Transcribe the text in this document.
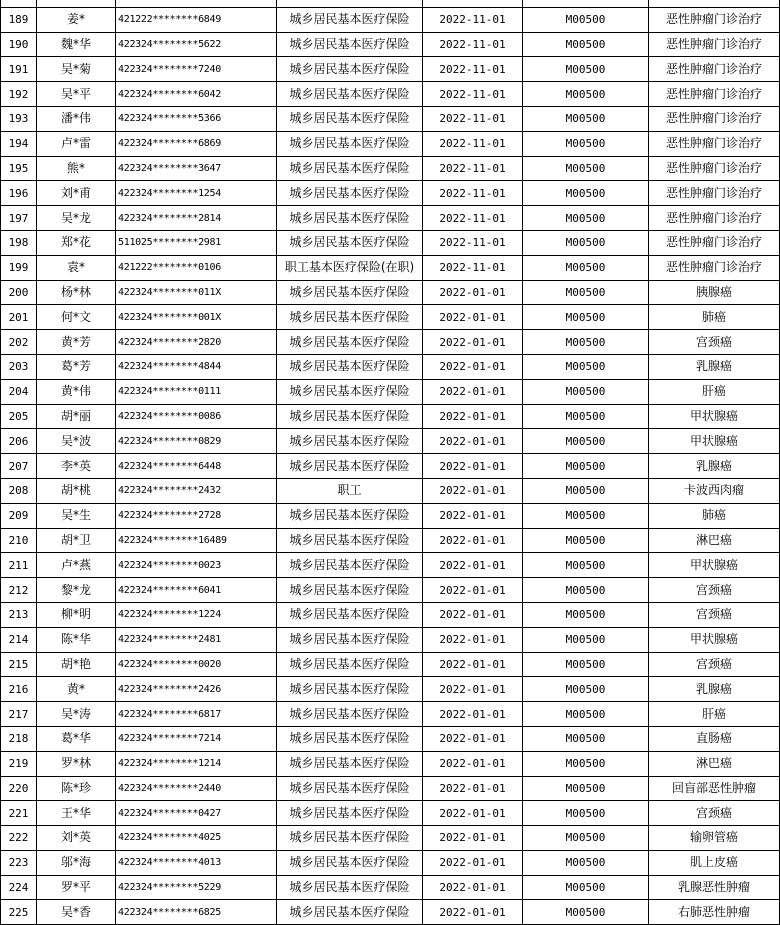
189	姜*	421222********6849	城乡居民基本医疗保险	2022-11-01	M00500	恶性肿瘤门诊治疗
190	魏*华	422324********5622	城乡居民基本医疗保险	2022-11-01	M00500	恶性肿瘤门诊治疗
191	吴*菊	422324********7240	城乡居民基本医疗保险	2022-11-01	M00500	恶性肿瘤门诊治疗
192	吴*平	422324********6042	城乡居民基本医疗保险	2022-11-01	M00500	恶性肿瘤门诊治疗
193	潘*伟	422324********5366	城乡居民基本医疗保险	2022-11-01	M00500	恶性肿瘤门诊治疗
194	卢*雷	422324********6869	城乡居民基本医疗保险	2022-11-01	M00500	恶性肿瘤门诊治疗
195	熊*	422324********3647	城乡居民基本医疗保险	2022-11-01	M00500	恶性肿瘤门诊治疗
196	刘*甫	422324********1254	城乡居民基本医疗保险	2022-11-01	M00500	恶性肿瘤门诊治疗
197	吴*龙	422324********2814	城乡居民基本医疗保险	2022-11-01	M00500	恶性肿瘤门诊治疗
198	郑*花	511025********2981	城乡居民基本医疗保险	2022-11-01	M00500	恶性肿瘤门诊治疗
199	袁*	421222********0106	职工基本医疗保险(在职)	2022-11-01	M00500	恶性肿瘤门诊治疗
200	杨*林	422324********011X	城乡居民基本医疗保险	2022-01-01	M00500	胰腺癌
201	何*文	422324********001X	城乡居民基本医疗保险	2022-01-01	M00500	肺癌
202	黄*芳	422324********2820	城乡居民基本医疗保险	2022-01-01	M00500	宫颈癌
203	葛*芳	422324********4844	城乡居民基本医疗保险	2022-01-01	M00500	乳腺癌
204	黄*伟	422324********0111	城乡居民基本医疗保险	2022-01-01	M00500	肝癌
205	胡*丽	422324********0086	城乡居民基本医疗保险	2022-01-01	M00500	甲状腺癌
206	吴*波	422324********0829	城乡居民基本医疗保险	2022-01-01	M00500	甲状腺癌
207	李*英	422324********6448	城乡居民基本医疗保险	2022-01-01	M00500	乳腺癌
208	胡*桃	422324********2432	职工	2022-01-01	M00500	卡波西肉瘤
209	吴*生	422324********2728	城乡居民基本医疗保险	2022-01-01	M00500	肺癌
210	胡*卫	422324********16489	城乡居民基本医疗保险	2022-01-01	M00500	淋巴癌
211	卢*燕	422324********0023	城乡居民基本医疗保险	2022-01-01	M00500	甲状腺癌
212	黎*龙	422324********6041	城乡居民基本医疗保险	2022-01-01	M00500	宫颈癌
213	柳*明	422324********1224	城乡居民基本医疗保险	2022-01-01	M00500	宫颈癌
214	陈*华	422324********2481	城乡居民基本医疗保险	2022-01-01	M00500	甲状腺癌
215	胡*艳	422324********0020	城乡居民基本医疗保险	2022-01-01	M00500	宫颈癌
216	黄*	422324********2426	城乡居民基本医疗保险	2022-01-01	M00500	乳腺癌
217	吴*涛	422324********6817	城乡居民基本医疗保险	2022-01-01	M00500	肝癌
218	葛*华	422324********7214	城乡居民基本医疗保险	2022-01-01	M00500	直肠癌
219	罗*林	422324********1214	城乡居民基本医疗保险	2022-01-01	M00500	淋巴癌
220	陈*珍	422324********2440	城乡居民基本医疗保险	2022-01-01	M00500	回盲部恶性肿瘤
221	王*华	422324********0427	城乡居民基本医疗保险	2022-01-01	M00500	宫颈癌
222	刘*英	422324********4025	城乡居民基本医疗保险	2022-01-01	M00500	输卵管癌
223	邬*海	422324********4013	城乡居民基本医疗保险	2022-01-01	M00500	肌上皮癌
224	罗*平	422324********5229	城乡居民基本医疗保险	2022-01-01	M00500	乳腺恶性肿瘤
225	吴*香	422324********6825	城乡居民基本医疗保险	2022-01-01	M00500	右肺恶性肿瘤
